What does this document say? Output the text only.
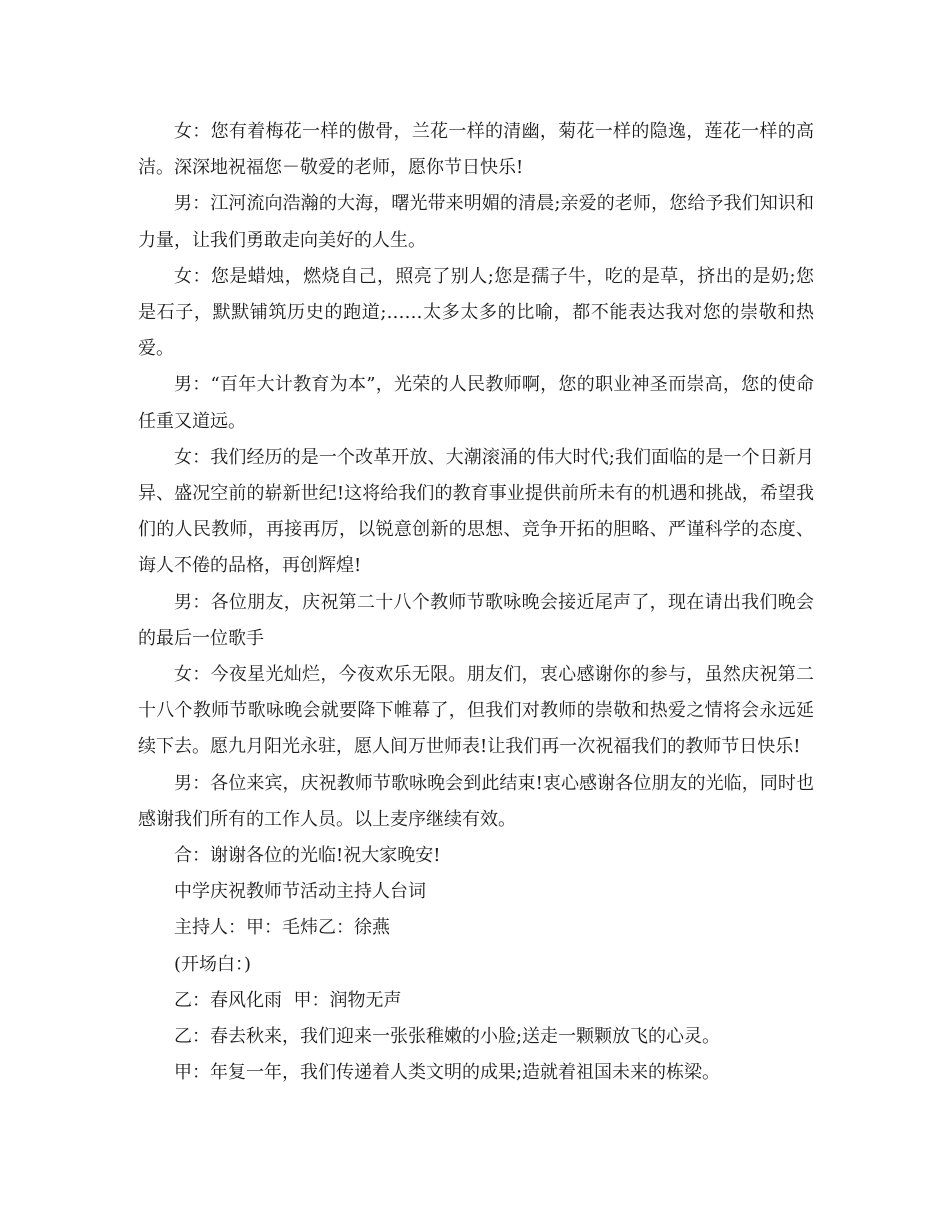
女：您有着梅花一样的傲骨，兰花一样的清幽，菊花一样的隐逸，莲花一样的高洁。深深地祝福您－敬爱的老师，愿你节日快乐!

男：江河流向浩瀚的大海，曙光带来明媚的清晨;亲爱的老师，您给予我们知识和力量，让我们勇敢走向美好的人生。

女：您是蜡烛，燃烧自己，照亮了别人;您是孺子牛，吃的是草，挤出的是奶;您是石子，默默铺筑历史的跑道;……太多太多的比喻，都不能表达我对您的崇敬和热爱。

男：“百年大计教育为本”，光荣的人民教师啊，您的职业神圣而崇高，您的使命任重又道远。

女：我们经历的是一个改革开放、大潮滚涌的伟大时代;我们面临的是一个日新月异、盛况空前的崭新世纪!这将给我们的教育事业提供前所未有的机遇和挑战，希望我们的人民教师，再接再厉，以锐意创新的思想、竞争开拓的胆略、严谨科学的态度、诲人不倦的品格，再创辉煌!

男：各位朋友，庆祝第二十八个教师节歌咏晚会接近尾声了，现在请出我们晚会的最后一位歌手

女：今夜星光灿烂，今夜欢乐无限。朋友们，衷心感谢你的参与，虽然庆祝第二十八个教师节歌咏晚会就要降下帷幕了，但我们对教师的崇敬和热爱之情将会永远延续下去。愿九月阳光永驻，愿人间万世师表!让我们再一次祝福我们的教师节日快乐!

男：各位来宾，庆祝教师节歌咏晚会到此结束!衷心感谢各位朋友的光临，同时也感谢我们所有的工作人员。以上麦序继续有效。

合：谢谢各位的光临!祝大家晚安!

中学庆祝教师节活动主持人台词

主持人：甲：毛炜乙：徐燕

(开场白：)

乙：春风化雨  甲：润物无声

乙：春去秋来，我们迎来一张张稚嫩的小脸;送走一颗颗放飞的心灵。

甲：年复一年，我们传递着人类文明的成果;造就着祖国未来的栋梁。
